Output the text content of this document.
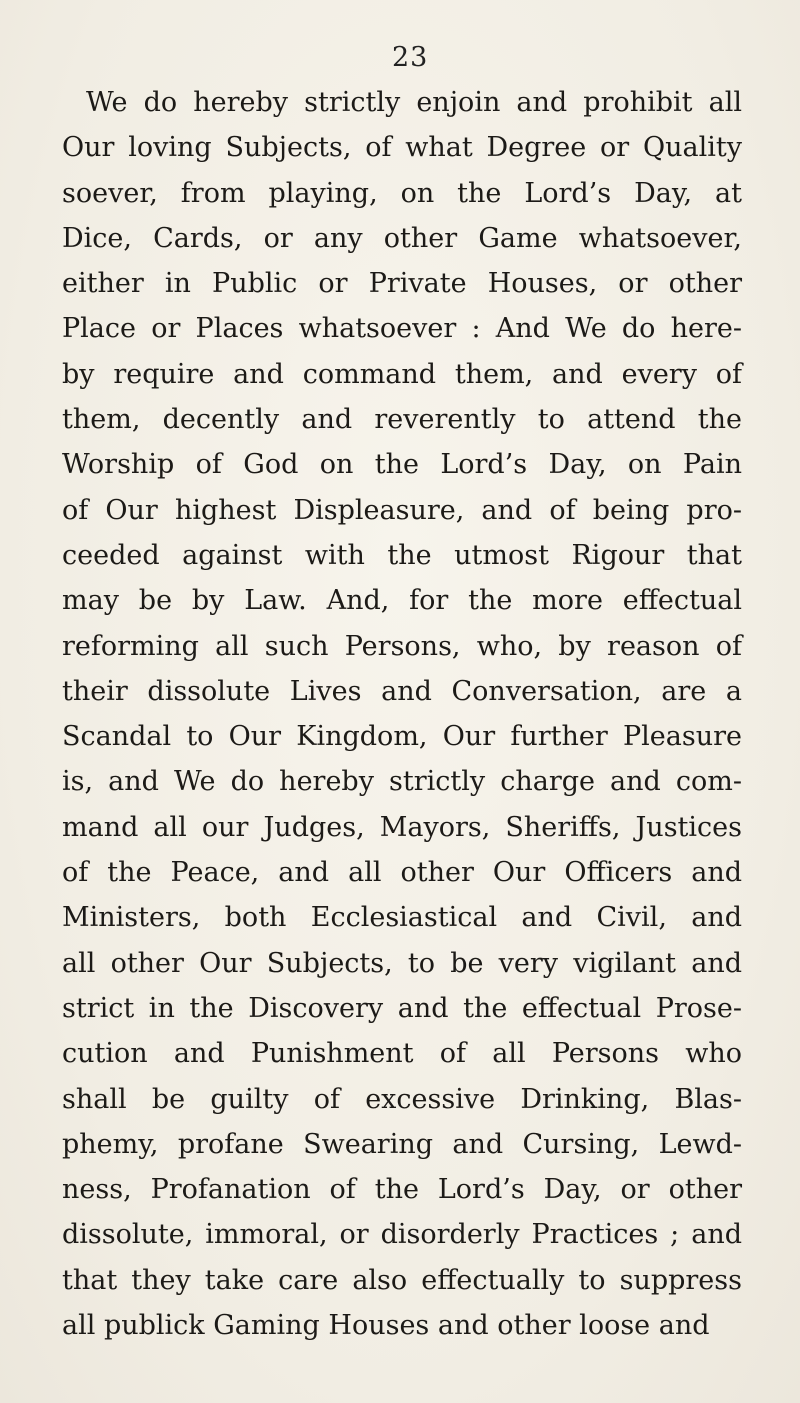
23
We do hereby strictly enjoin and prohibit all
Our loving Subjects, of what Degree or Quality
soever, from playing, on the Lord’s Day, at
Dice, Cards, or any other Game whatsoever,
either in Public or Private Houses, or other
Place or Places whatsoever : And We do here-
by require and command them, and every of
them, decently and reverently to attend the
Worship of God on the Lord’s Day, on Pain
of Our highest Displeasure, and of being pro-
ceeded against with the utmost Rigour that
may be by Law. And, for the more effectual
reforming all such Persons, who, by reason of
their dissolute Lives and Conversation, are a
Scandal to Our Kingdom, Our further Pleasure
is, and We do hereby strictly charge and com-
mand all our Judges, Mayors, Sheriffs, Justices
of the Peace, and all other Our Officers and
Ministers, both Ecclesiastical and Civil, and
all other Our Subjects, to be very vigilant and
strict in the Discovery and the effectual Prose-
cution and Punishment of all Persons who
shall be guilty of excessive Drinking, Blas-
phemy, profane Swearing and Cursing, Lewd-
ness, Profanation of the Lord’s Day, or other
dissolute, immoral, or disorderly Practices ; and
that they take care also effectually to suppress
all publick Gaming Houses and other loose and
